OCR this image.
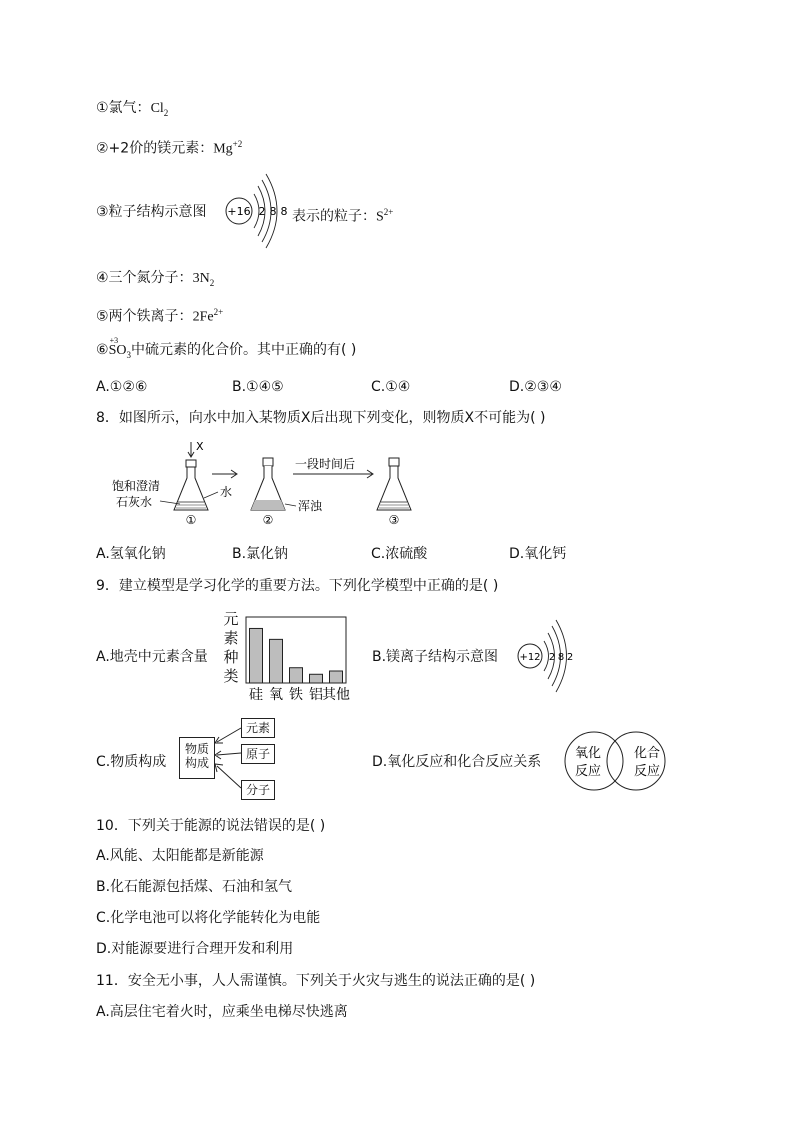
①氯气：$Cl_2$
②+2价的镁元素：$Mg^{+2}$
③粒子结构示意图 +16 2 8 8 表示的粒子：$S^{2+}$
④三个氮分子：$3N_2$
⑤两个铁离子：$2Fe^{2+}$
⑥
+3
$SO_3$中硫元素的化合价。其中正确的有( )
A.①②⑥	B.①④⑤	C.①④	D.②③④
8．如图所示，向水中加入某物质X后出现下列变化，则物质X不可能为( )
X
饱和澄清
石灰水
①
水
浑浊
②
一段时间后
③
A.氢氧化钠	B.氯化钠	C.浓硫酸	D.氧化钙
9．建立模型是学习化学的重要方法。下列化学模型中正确的是( )
A.地壳中元素含量
元素种类
硅 氧 铁 铝 其他
B.镁离子结构示意图 +12 2 8 2
C.物质构成
物质
构成
元素
原子
分子
D.氧化反应和化合反应关系
氧化
反应
化合
反应
10．下列关于能源的说法错误的是( )
A.风能、太阳能都是新能源
B.化石能源包括煤、石油和氢气
C.化学电池可以将化学能转化为电能
D.对能源要进行合理开发和利用
11．安全无小事，人人需谨慎。下列关于火灾与逃生的说法正确的是( )
A.高层住宅着火时，应乘坐电梯尽快逃离
